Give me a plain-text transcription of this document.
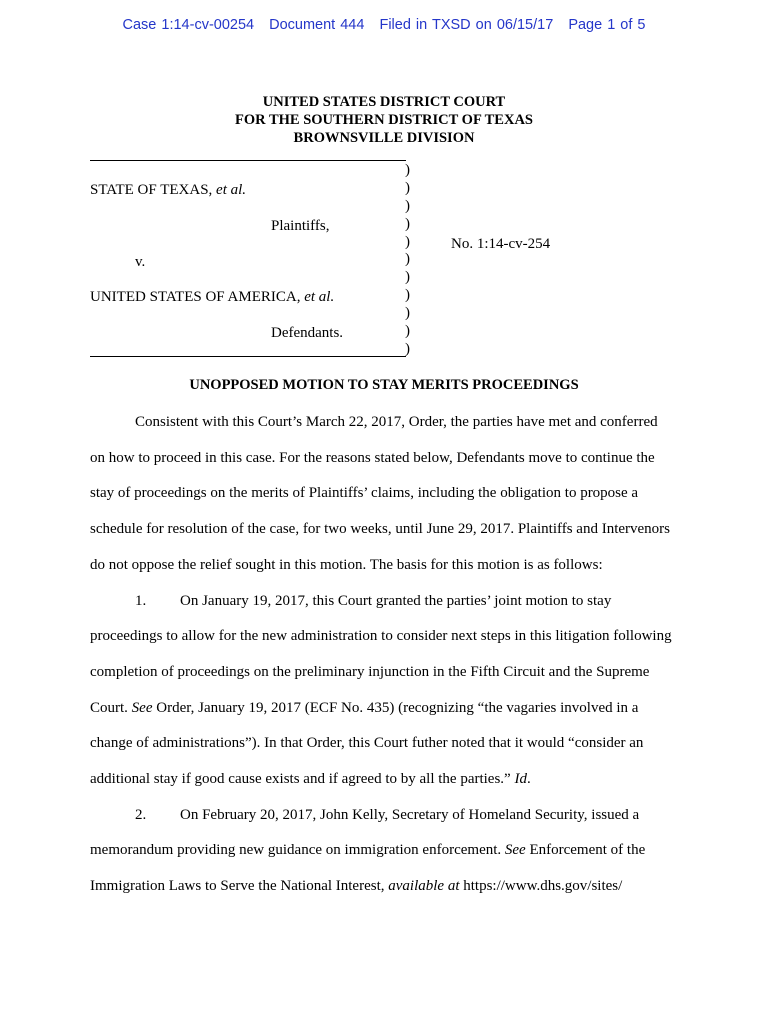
Case 1:14-cv-00254 Document 444 Filed in TXSD on 06/15/17 Page 1 of 5
UNITED STATES DISTRICT COURT
FOR THE SOUTHERN DISTRICT OF TEXAS
BROWNSVILLE DIVISION
)
)
)
)
)
)
)
)
)
)
)
STATE OF TEXAS, et al.
Plaintiffs,
v.
UNITED STATES OF AMERICA, et al.
Defendants.
No. 1:14-cv-254
UNOPPOSED MOTION TO STAY MERITS PROCEEDINGS
Consistent with this Court’s March 22, 2017, Order, the parties have met and conferred
on how to proceed in this case. For the reasons stated below, Defendants move to continue the
stay of proceedings on the merits of Plaintiffs’ claims, including the obligation to propose a
schedule for resolution of the case, for two weeks, until June 29, 2017. Plaintiffs and Intervenors
do not oppose the relief sought in this motion. The basis for this motion is as follows:
1. On January 19, 2017, this Court granted the parties’ joint motion to stay
proceedings to allow for the new administration to consider next steps in this litigation following
completion of proceedings on the preliminary injunction in the Fifth Circuit and the Supreme
Court. See Order, January 19, 2017 (ECF No. 435) (recognizing “the vagaries involved in a
change of administrations”). In that Order, this Court futher noted that it would “consider an
additional stay if good cause exists and if agreed to by all the parties.” Id.
2. On February 20, 2017, John Kelly, Secretary of Homeland Security, issued a
memorandum providing new guidance on immigration enforcement. See Enforcement of the
Immigration Laws to Serve the National Interest, available at https://www.dhs.gov/sites/
